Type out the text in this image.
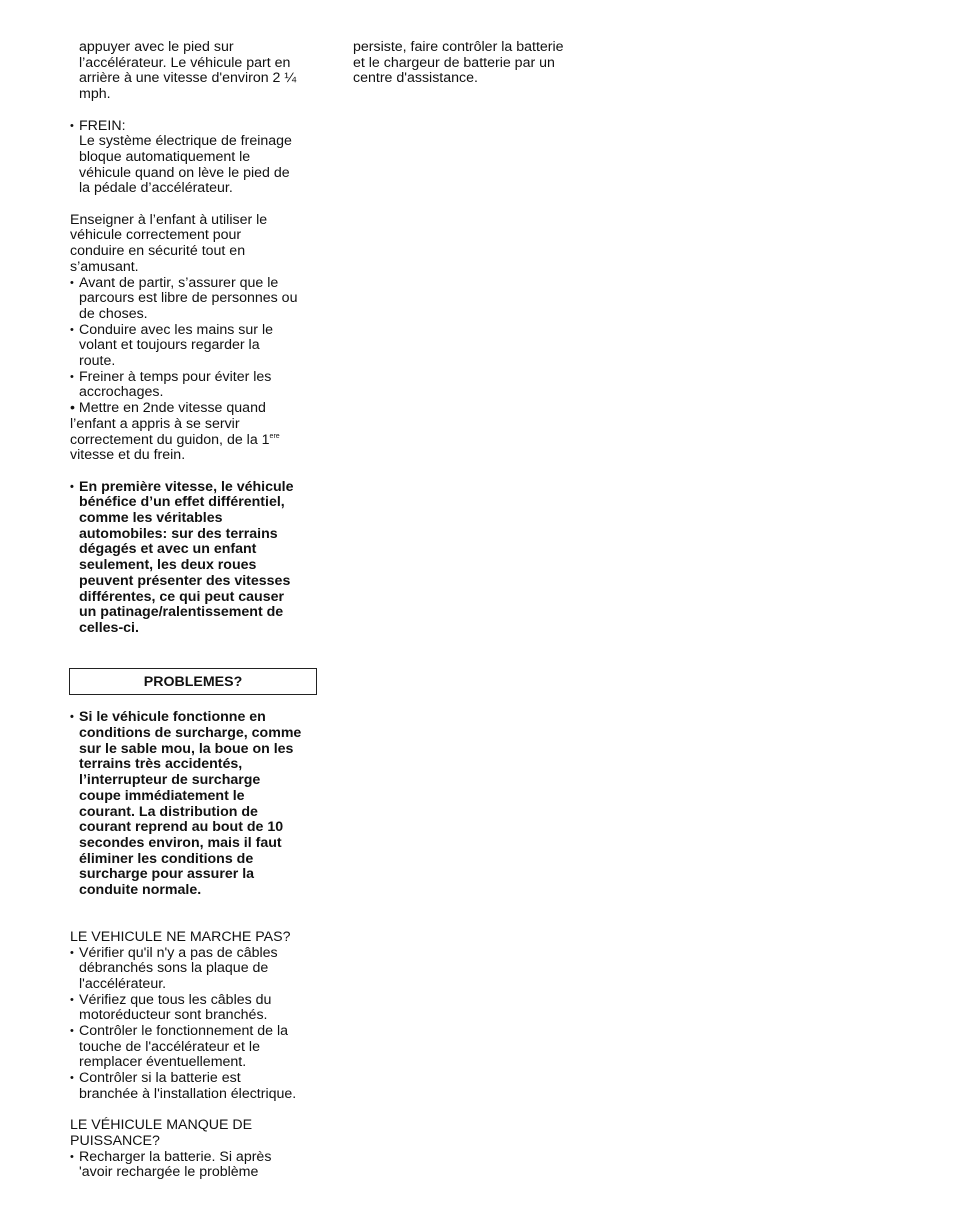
appuyer avec le pied sur
l’accélérateur. Le véhicule part en
arrière à une vitesse d'environ 2 ¼
mph.

• FREIN:

Le système électrique de freinage
bloque automatiquement le
véhicule quand on lève le pied de
la pédale d’accélérateur.

Enseigner à l’enfant à utiliser le
véhicule correctement pour
conduire en sécurité tout en
s’amusant.

• Avant de partir, s’assurer que le
parcours est libre de personnes ou
de choses.
• Conduire avec les mains sur le
volant et toujours regarder la
route.
• Freiner à temps pour éviter les
accrochages.

• Mettre en 2nde vitesse quand
l’enfant a appris à se servir
correctement du guidon, de la 1ere
vitesse et du frein.

• En première vitesse, le véhicule
bénéfice d’un effet différentiel,
comme les véritables
automobiles: sur des terrains
dégagés et avec un enfant
seulement, les deux roues
peuvent présenter des vitesses
différentes, ce qui peut causer
un patinage/ralentissement de
celles-ci.
PROBLEMES?
• Si le véhicule fonctionne en
conditions de surcharge, comme
sur le sable mou, la boue on les
terrains très accidentés,
l’interrupteur de surcharge
coupe immédiatement le
courant. La distribution de
courant reprend au bout de 10
secondes environ, mais il faut
éliminer les conditions de
surcharge pour assurer la
conduite normale.

LE VEHICULE NE MARCHE PAS?

• Vérifier qu'il n'y a pas de câbles
débranchés sons la plaque de
l'accélérateur.
• Vérifiez que tous les câbles du
motoréducteur sont branchés.
• Contrôler le fonctionnement de la
touche de l'accélérateur et le
remplacer éventuellement.
• Contrôler si la batterie est
branchée à l'installation électrique.

LE VÉHICULE MANQUE DE
PUISSANCE?

• Recharger la batterie. Si après
'avoir rechargée le problème

persiste, faire contrôler la batterie
et le chargeur de batterie par un
centre d'assistance.
